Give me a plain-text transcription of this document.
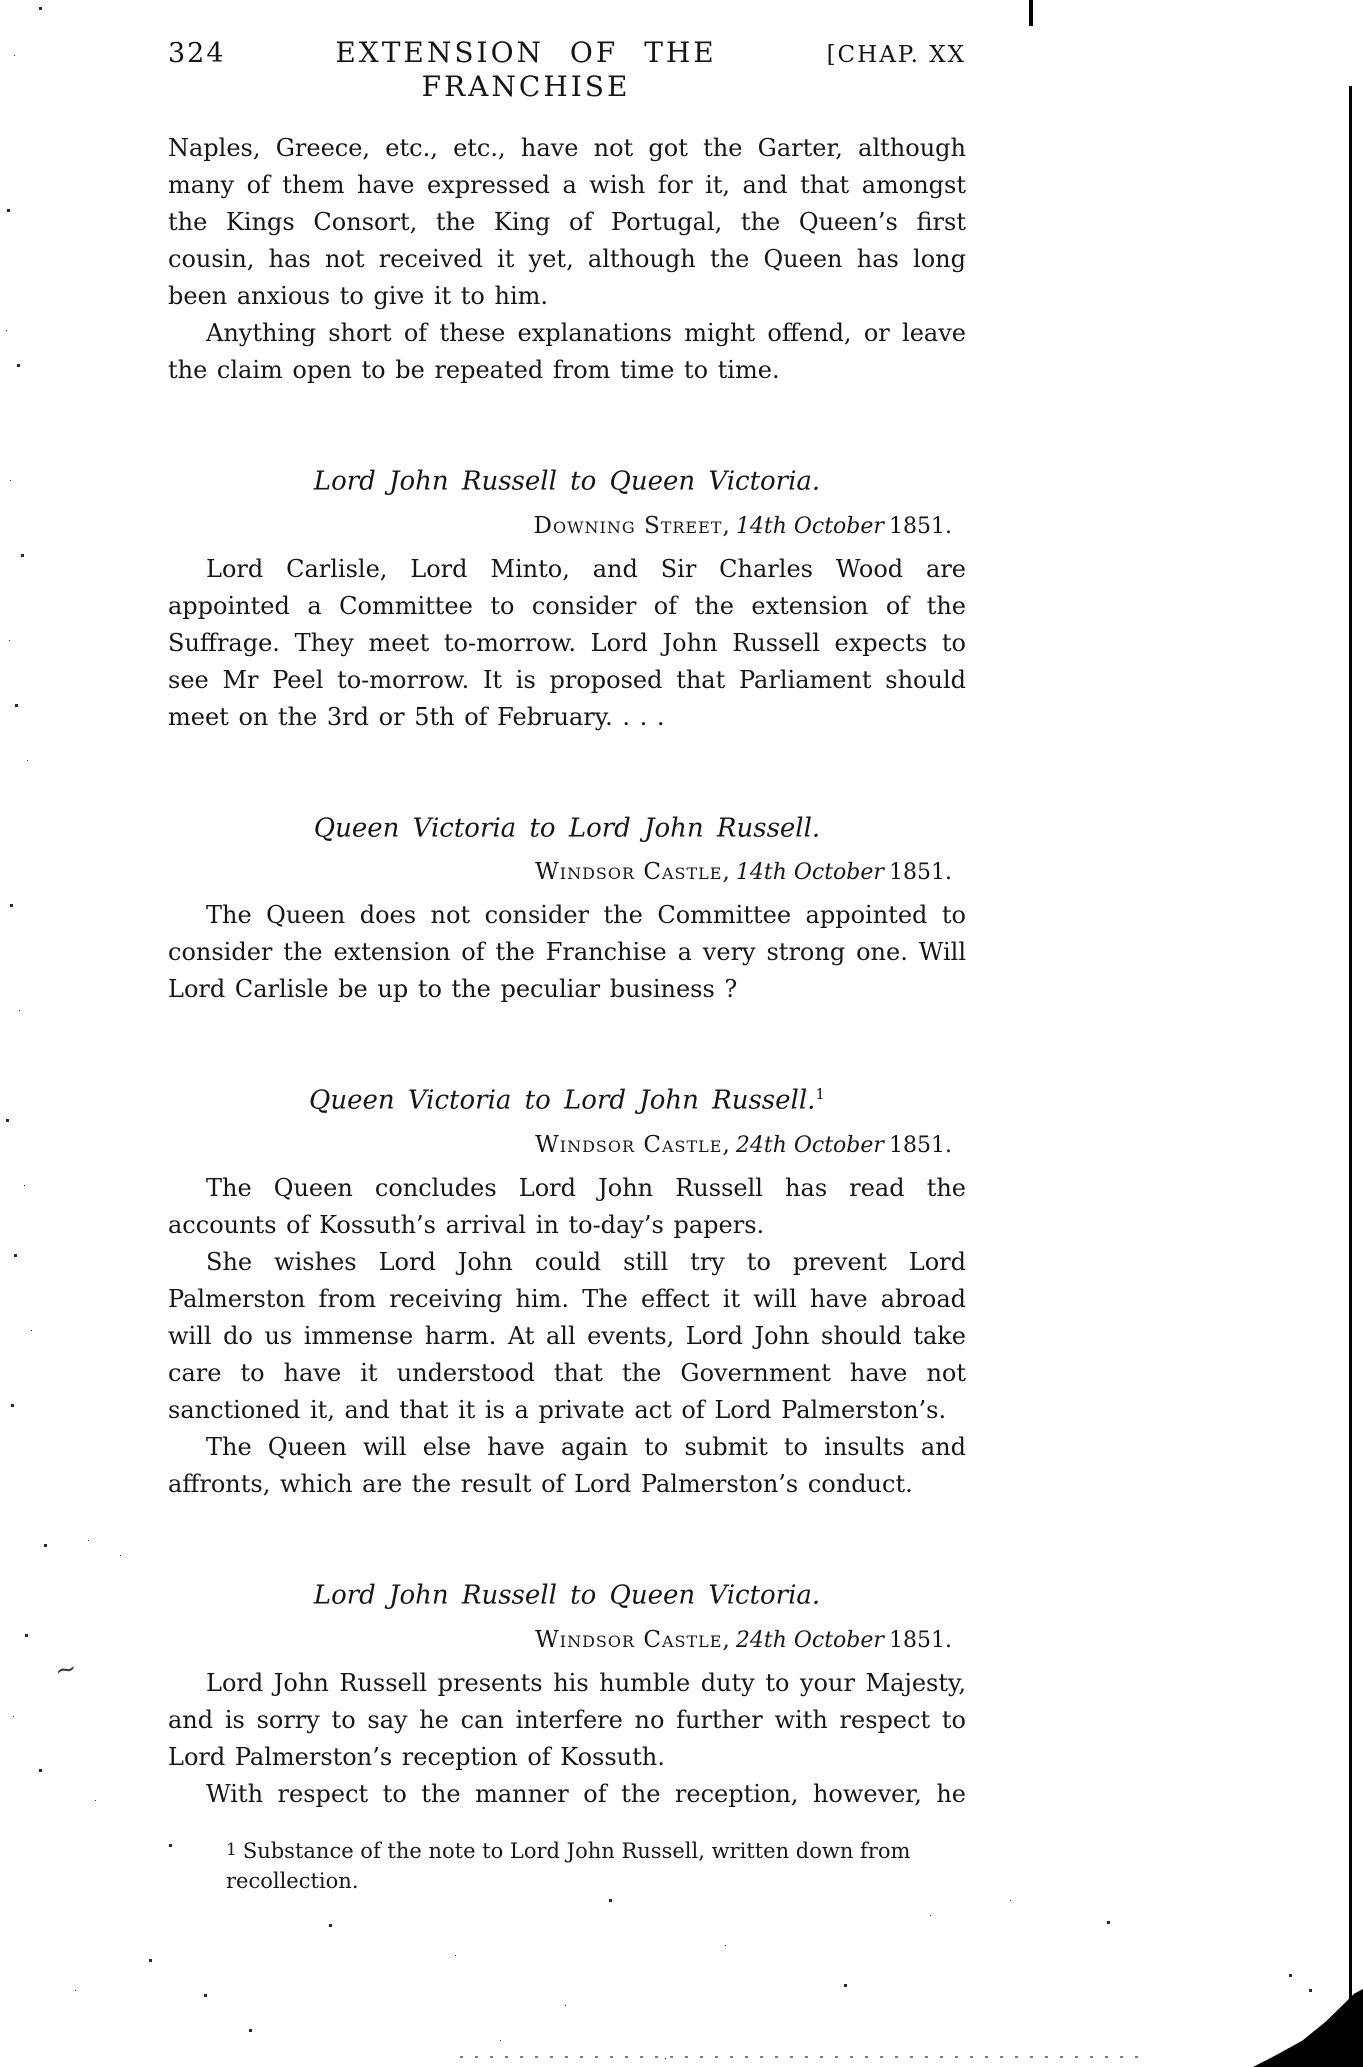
324	EXTENSION OF THE FRANCHISE
[CHAP. XX

Naples, Greece, etc., etc., have not got the Garter, although many of them have expressed a wish for it, and that amongst the Kings Consort, the King of Portugal, the Queen’s first cousin, has not received it yet, although the Queen has long been anxious to give it to him.

Anything short of these explanations might offend, or leave the claim open to be repeated from time to time.

Lord John Russell to Queen Victoria.
Downing Street, 14th October 1851.

Lord Carlisle, Lord Minto, and Sir Charles Wood are appointed a Committee to consider of the extension of the Suffrage. They meet to-morrow. Lord John Russell expects to see Mr Peel to-morrow. It is proposed that Parliament should meet on the 3rd or 5th of February. . . .

Queen Victoria to Lord John Russell.
Windsor Castle, 14th October 1851.

The Queen does not consider the Committee appointed to consider the extension of the Franchise a very strong one. Will Lord Carlisle be up to the peculiar business ?

Queen Victoria to Lord John Russell.$^1$
Windsor Castle, 24th October 1851.

The Queen concludes Lord John Russell has read the accounts of Kossuth’s arrival in to-day’s papers.

She wishes Lord John could still try to prevent Lord Palmerston from receiving him. The effect it will have abroad will do us immense harm. At all events, Lord John should take care to have it understood that the Government have not sanctioned it, and that it is a private act of Lord Palmerston’s.

The Queen will else have again to submit to insults and affronts, which are the result of Lord Palmerston’s conduct.

Lord John Russell to Queen Victoria.
Windsor Castle, 24th October 1851.

Lord John Russell presents his humble duty to your Majesty, and is sorry to say he can interfere no further with respect to Lord Palmerston’s reception of Kossuth.

With respect to the manner of the reception, however, he

1 Substance of the note to Lord John Russell, written down from recollection.
~
